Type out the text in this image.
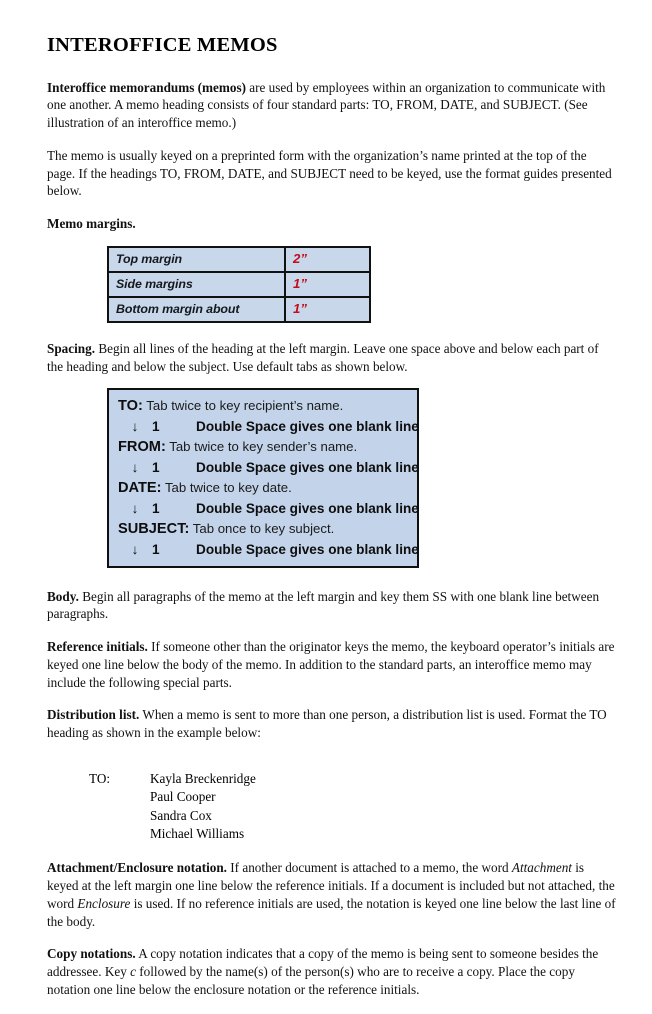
INTEROFFICE MEMOS

Interoffice memorandums (memos) are used by employees within an organization to communicate with one another. A memo heading consists of four standard parts: TO, FROM, DATE, and SUBJECT. (See illustration of an interoffice memo.)

The memo is usually keyed on a preprinted form with the organization’s name printed at the top of the page. If the headings TO, FROM, DATE, and SUBJECT need to be keyed, use the format guides presented below.

Memo margins.

Top margin	2”
Side margins	1”
Bottom margin about	1”

Spacing. Begin all lines of the heading at the left margin. Leave one space above and below each part of the heading and below the subject. Use default tabs as shown below.

TO: Tab twice to key recipient’s name.
↓ 1	Double Space gives one blank line
FROM: Tab twice to key sender’s name.
↓ 1	Double Space gives one blank line
DATE: Tab twice to key date.
↓ 1	Double Space gives one blank line
SUBJECT: Tab once to key subject.
↓ 1	Double Space gives one blank line

Body. Begin all paragraphs of the memo at the left margin and key them SS with one blank line between paragraphs.

Reference initials. If someone other than the originator keys the memo, the keyboard operator’s initials are keyed one line below the body of the memo. In addition to the standard parts, an interoffice memo may include the following special parts.

Distribution list. When a memo is sent to more than one person, a distribution list is used. Format the TO heading as shown in the example below:

TO:	Kayla Breckenridge
Paul Cooper
Sandra Cox
Michael Williams

Attachment/Enclosure notation. If another document is attached to a memo, the word Attachment is keyed at the left margin one line below the reference initials. If a document is included but not attached, the word Enclosure is used. If no reference initials are used, the notation is keyed one line below the last line of the body.

Copy notations. A copy notation indicates that a copy of the memo is being sent to someone besides the addressee. Key c followed by the name(s) of the person(s) who are to receive a copy. Place the copy notation one line below the enclosure notation or the reference initials.
